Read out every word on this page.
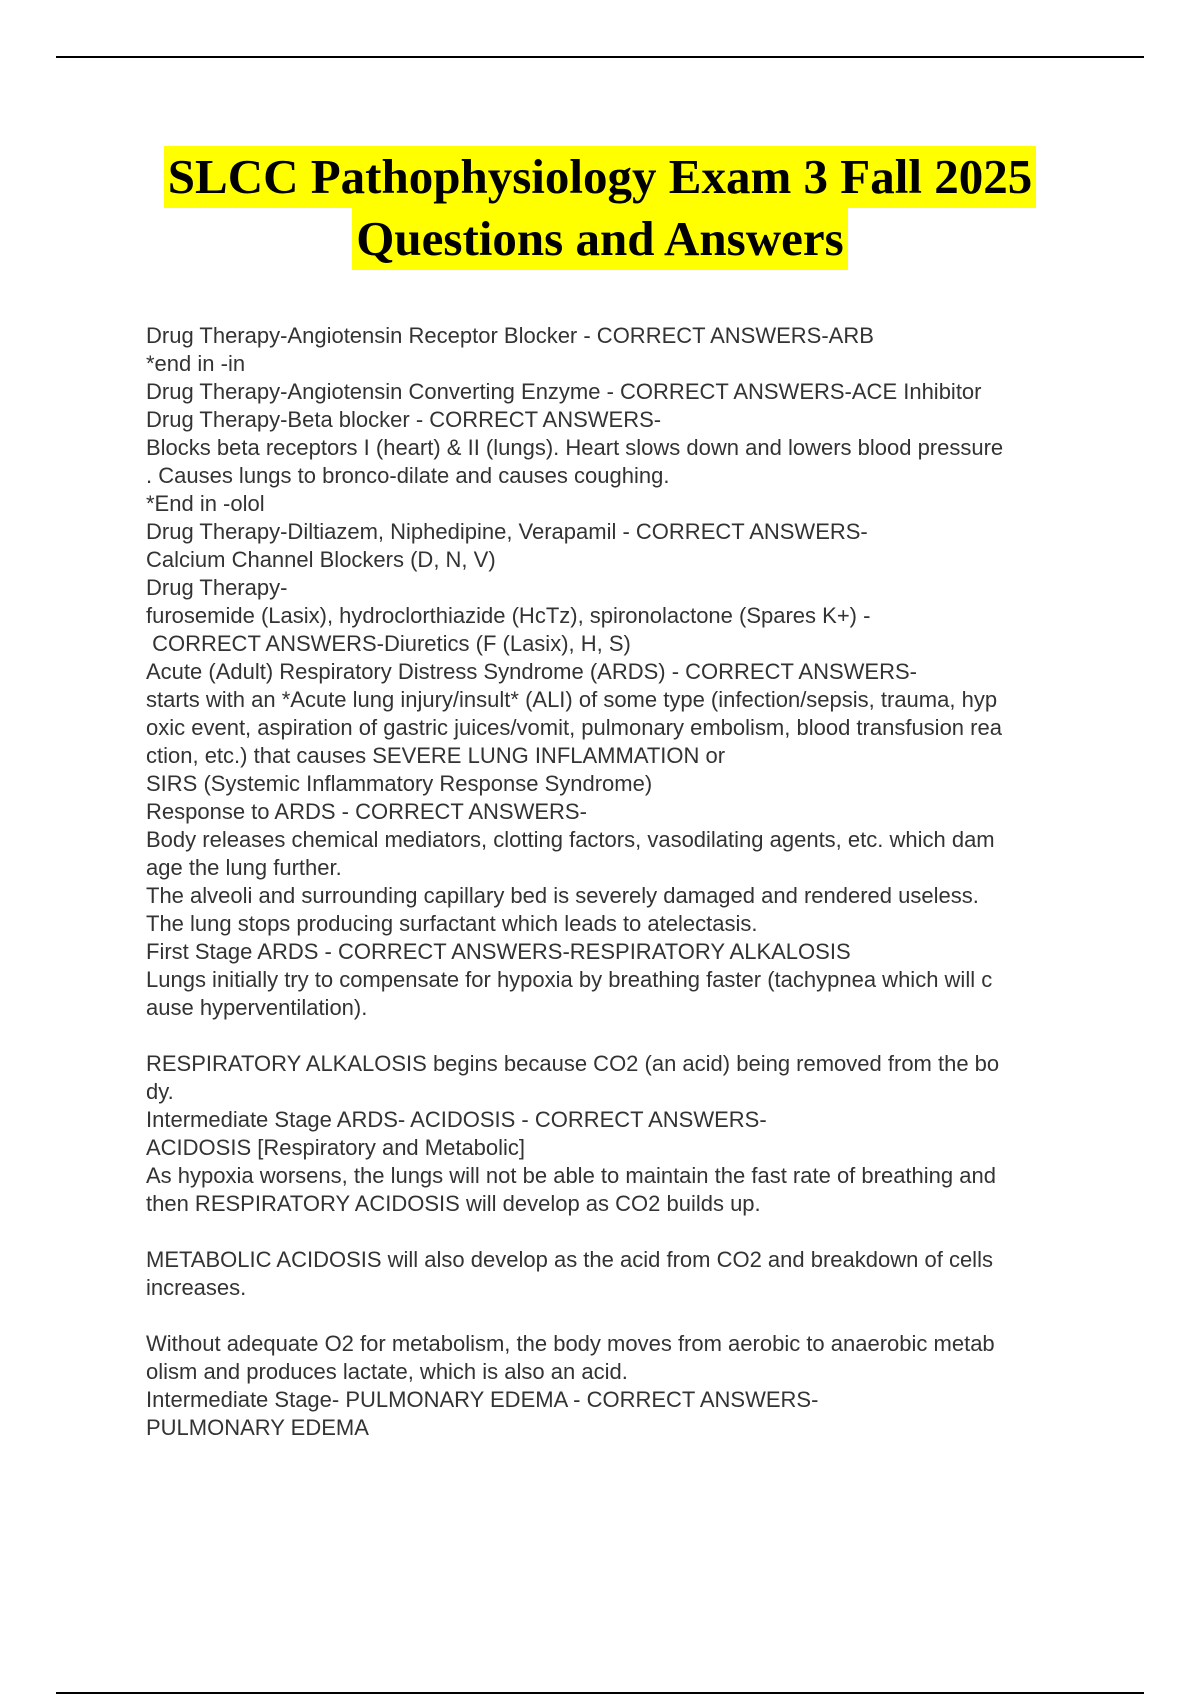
SLCC Pathophysiology Exam 3 Fall 2025
Questions and Answers
Drug Therapy-Angiotensin Receptor Blocker - CORRECT ANSWERS-ARB
*end in -in
Drug Therapy-Angiotensin Converting Enzyme - CORRECT ANSWERS-ACE Inhibitor
Drug Therapy-Beta blocker - CORRECT ANSWERS-
Blocks beta receptors I (heart) & II (lungs). Heart slows down and lowers blood pressure
. Causes lungs to bronco-dilate and causes coughing.
*End in -olol
Drug Therapy-Diltiazem, Niphedipine, Verapamil - CORRECT ANSWERS-
Calcium Channel Blockers (D, N, V)
Drug Therapy-
furosemide (Lasix), hydroclorthiazide (HcTz), spironolactone (Spares K+) -
CORRECT ANSWERS-Diuretics (F (Lasix), H, S)
Acute (Adult) Respiratory Distress Syndrome (ARDS) - CORRECT ANSWERS-
starts with an *Acute lung injury/insult* (ALI) of some type (infection/sepsis, trauma, hyp
oxic event, aspiration of gastric juices/vomit, pulmonary embolism, blood transfusion rea
ction, etc.) that causes SEVERE LUNG INFLAMMATION or
SIRS (Systemic Inflammatory Response Syndrome)
Response to ARDS - CORRECT ANSWERS-
Body releases chemical mediators, clotting factors, vasodilating agents, etc. which dam
age the lung further.
The alveoli and surrounding capillary bed is severely damaged and rendered useless.
The lung stops producing surfactant which leads to atelectasis.
First Stage ARDS - CORRECT ANSWERS-RESPIRATORY ALKALOSIS
Lungs initially try to compensate for hypoxia by breathing faster (tachypnea which will c
ause hyperventilation).
RESPIRATORY ALKALOSIS begins because CO2 (an acid) being removed from the bo
dy.
Intermediate Stage ARDS- ACIDOSIS - CORRECT ANSWERS-
ACIDOSIS [Respiratory and Metabolic]
As hypoxia worsens, the lungs will not be able to maintain the fast rate of breathing and
then RESPIRATORY ACIDOSIS will develop as CO2 builds up.
METABOLIC ACIDOSIS will also develop as the acid from CO2 and breakdown of cells
increases.
Without adequate O2 for metabolism, the body moves from aerobic to anaerobic metab
olism and produces lactate, which is also an acid.
Intermediate Stage- PULMONARY EDEMA - CORRECT ANSWERS-
PULMONARY EDEMA
